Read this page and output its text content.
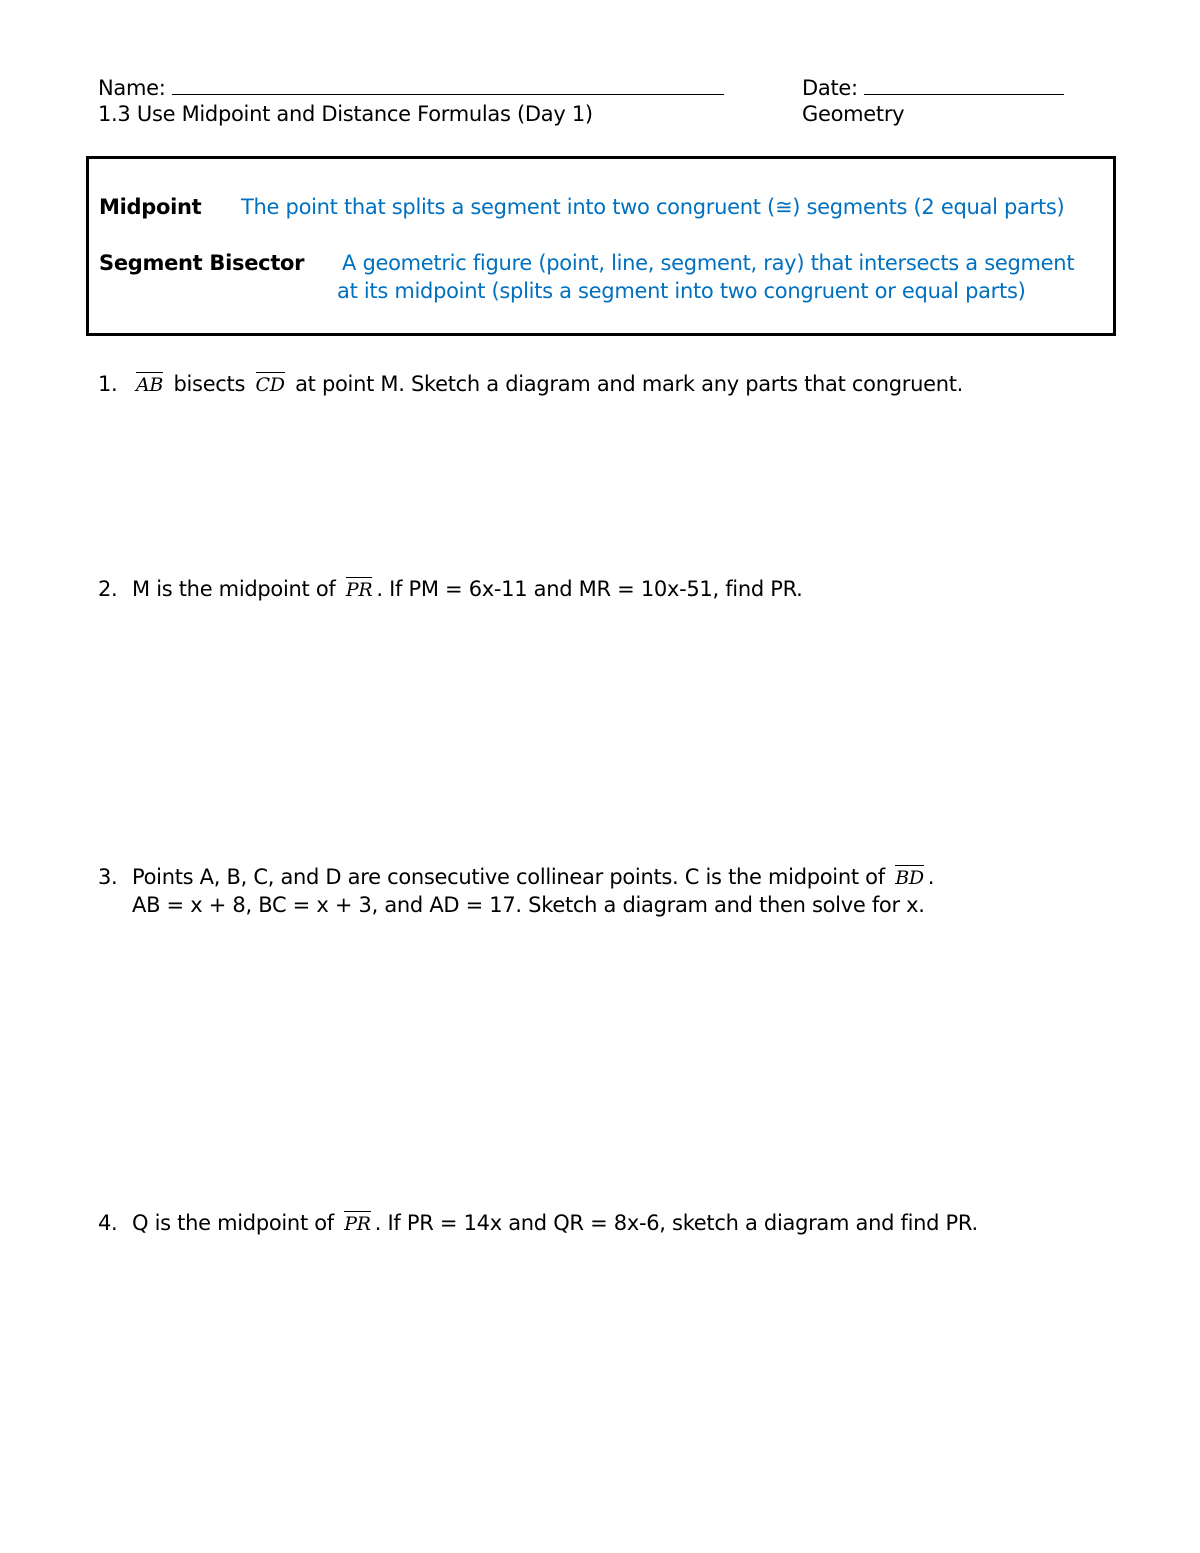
Name:	Date:
1.3 Use Midpoint and Distance Formulas (Day 1)	Geometry
Midpoint The point that splits a segment into two congruent (≅) segments (2 equal parts)
Segment Bisector A geometric figure (point, line, segment, ray) that intersects a segment
at its midpoint (splits a segment into two congruent or equal parts)
1. AB bisects CD at point M. Sketch a diagram and mark any parts that congruent.
2. M is the midpoint of PR . If PM = 6x-11 and MR = 10x-51, find PR.
3. Points A, B, C, and D are consecutive collinear points. C is the midpoint of BD .
AB = x + 8, BC = x + 3, and AD = 17. Sketch a diagram and then solve for x.
4. Q is the midpoint of PR . If PR = 14x and QR = 8x-6, sketch a diagram and find PR.
